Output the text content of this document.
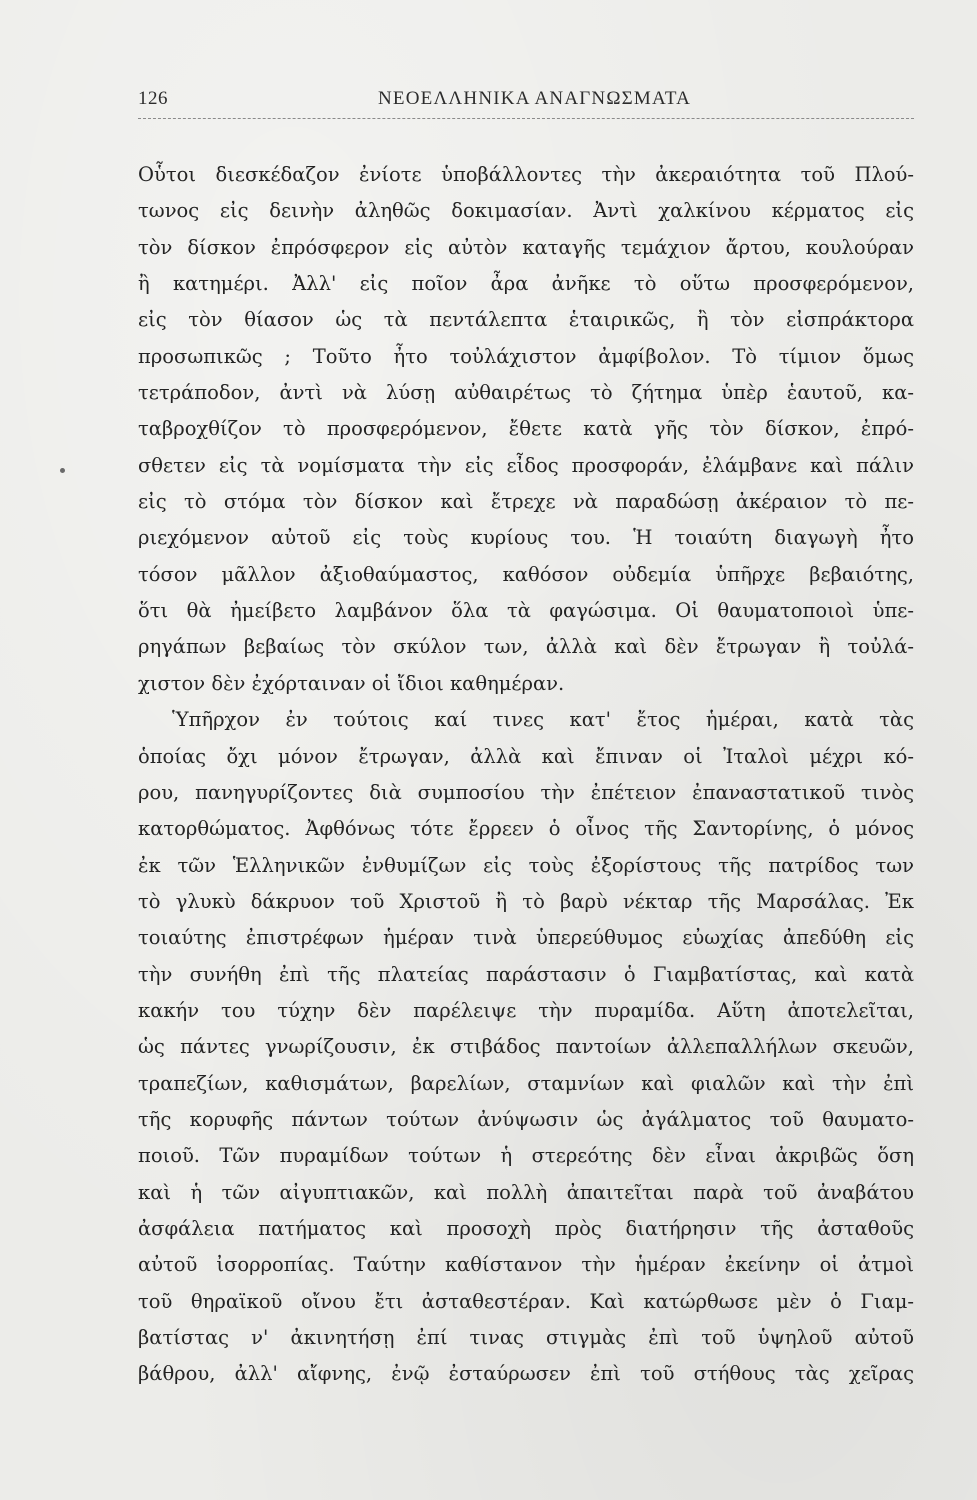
126	ΝΕΟΕΛΛΗΝΙΚΑ ΑΝΑΓΝΩΣΜΑΤΑ
Οὗτοι διεσκέδαζον ἐνίοτε ὑποβάλλοντες τὴν ἀκεραιότητα τοῦ Πλού-
τωνος εἰς δεινὴν ἀληθῶς δοκιμασίαν. Ἀντὶ χαλκίνου κέρματος εἰς
τὸν δίσκον ἐπρόσφερον εἰς αὐτὸν καταγῆς τεμάχιον ἄρτου, κουλούραν
ἢ κατημέρι. Ἀλλ' εἰς ποῖον ἆρα ἀνῆκε τὸ οὕτω προσφερόμενον,
εἰς τὸν θίασον ὡς τὰ πεντάλεπτα ἑταιρικῶς, ἢ τὸν εἰσπράκτορα
προσωπικῶς ; Τοῦτο ἦτο τοὐλάχιστον ἀμφίβολον. Τὸ τίμιον ὅμως
τετράποδον, ἀντὶ νὰ λύσῃ αὐθαιρέτως τὸ ζήτημα ὑπὲρ ἑαυτοῦ, κα-
ταβροχθίζον τὸ προσφερόμενον, ἔθετε κατὰ γῆς τὸν δίσκον, ἐπρό-
σθετεν εἰς τὰ νομίσματα τὴν εἰς εἶδος προσφοράν, ἐλάμβανε καὶ πάλιν
εἰς τὸ στόμα τὸν δίσκον καὶ ἔτρεχε νὰ παραδώσῃ ἀκέραιον τὸ πε-
ριεχόμενον αὐτοῦ εἰς τοὺς κυρίους του. Ἡ τοιαύτη διαγωγὴ ἦτο
τόσον μᾶλλον ἀξιοθαύμαστος, καθόσον οὐδεμία ὑπῆρχε βεβαιότης,
ὅτι θὰ ἠμείβετο λαμβάνον ὅλα τὰ φαγώσιμα. Οἱ θαυματοποιοὶ ὑπε-
ρηγάπων βεβαίως τὸν σκύλον των, ἀλλὰ καὶ δὲν ἔτρωγαν ἢ τοὐλά-
χιστον δὲν ἐχόρταιναν οἱ ἴδιοι καθημέραν.
Ὑπῆρχον ἐν τούτοις καί τινες κατ' ἔτος ἡμέραι, κατὰ τὰς
ὁποίας ὄχι μόνον ἔτρωγαν, ἀλλὰ καὶ ἔπιναν οἱ Ἰταλοὶ μέχρι κό-
ρου, πανηγυρίζοντες διὰ συμποσίου τὴν ἐπέτειον ἐπαναστατικοῦ τινὸς
κατορθώματος. Ἀφθόνως τότε ἔρρεεν ὁ οἶνος τῆς Σαντορίνης, ὁ μόνος
ἐκ τῶν Ἑλληνικῶν ἐνθυμίζων εἰς τοὺς ἐξορίστους τῆς πατρίδος των
τὸ γλυκὺ δάκρυον τοῦ Χριστοῦ ἢ τὸ βαρὺ νέκταρ τῆς Μαρσάλας. Ἐκ
τοιαύτης ἐπιστρέφων ἡμέραν τινὰ ὑπερεύθυμος εὐωχίας ἀπεδύθη εἰς
τὴν συνήθη ἐπὶ τῆς πλατείας παράστασιν ὁ Γιαμβατίστας, καὶ κατὰ
κακήν του τύχην δὲν παρέλειψε τὴν πυραμίδα. Αὕτη ἀποτελεῖται,
ὡς πάντες γνωρίζουσιν, ἐκ στιβάδος παντοίων ἀλλεπαλλήλων σκευῶν,
τραπεζίων, καθισμάτων, βαρελίων, σταμνίων καὶ φιαλῶν καὶ τὴν ἐπὶ
τῆς κορυφῆς πάντων τούτων ἀνύψωσιν ὡς ἀγάλματος τοῦ θαυματο-
ποιοῦ. Τῶν πυραμίδων τούτων ἡ στερεότης δὲν εἶναι ἀκριβῶς ὅση
καὶ ἡ τῶν αἰγυπτιακῶν, καὶ πολλὴ ἀπαιτεῖται παρὰ τοῦ ἀναβάτου
ἀσφάλεια πατήματος καὶ προσοχὴ πρὸς διατήρησιν τῆς ἀσταθοῦς
αὐτοῦ ἰσορροπίας. Ταύτην καθίστανον τὴν ἡμέραν ἐκείνην οἱ ἀτμοὶ
τοῦ θηραϊκοῦ οἴνου ἔτι ἀσταθεστέραν. Καὶ κατώρθωσε μὲν ὁ Γιαμ-
βατίστας ν' ἀκινητήσῃ ἐπί τινας στιγμὰς ἐπὶ τοῦ ὑψηλοῦ αὐτοῦ
βάθρου, ἀλλ' αἴφνης, ἐνῷ ἐσταύρωσεν ἐπὶ τοῦ στήθους τὰς χεῖρας
